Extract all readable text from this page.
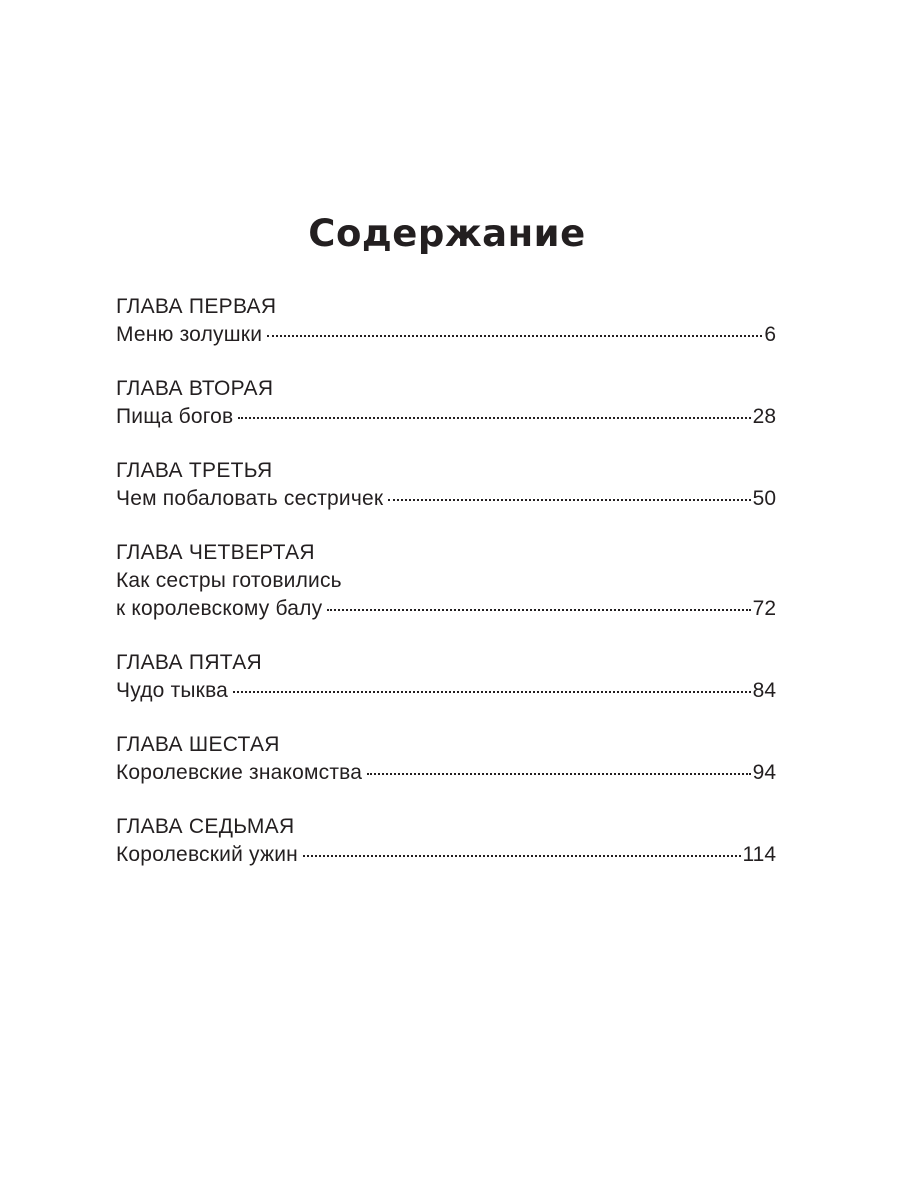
Содержание
ГЛАВА ПЕРВАЯ
Меню золушки	6
ГЛАВА ВТОРАЯ
Пища богов	28
ГЛАВА ТРЕТЬЯ
Чем побаловать сестричек	50
ГЛАВА ЧЕТВЕРТАЯ
Как сестры готовились
к королевскому балу	72
ГЛАВА ПЯТАЯ
Чудо тыква	84
ГЛАВА ШЕСТАЯ
Королевские знакомства	94
ГЛАВА СЕДЬМАЯ
Королевский ужин	114
